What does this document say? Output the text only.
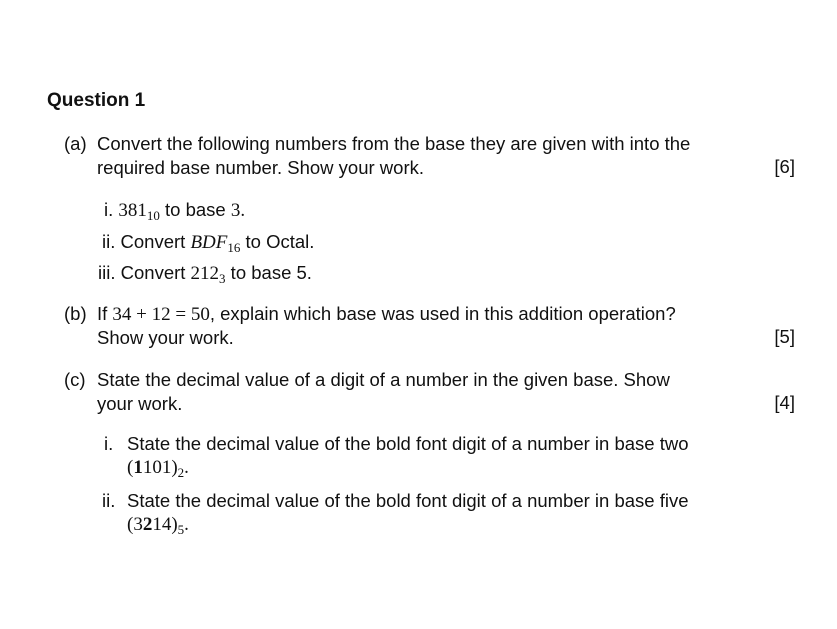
Question 1
(a) Convert the following numbers from the base they are given with into the
required base number. Show your work.	[6]
i. $381_{10}$ to base 3.
ii. Convert $BDF_{16}$ to Octal.
iii. Convert $212_3$ to base 5.
(b) If 34 + 12 = 50, explain which base was used in this addition operation?
Show your work.	[5]
(c) State the decimal value of a digit of a number in the given base. Show
your work.	[4]
i. State the decimal value of the bold font digit of a number in base two
$(1101)_2$.
ii. State the decimal value of the bold font digit of a number in base five
$(3214)_5$.
